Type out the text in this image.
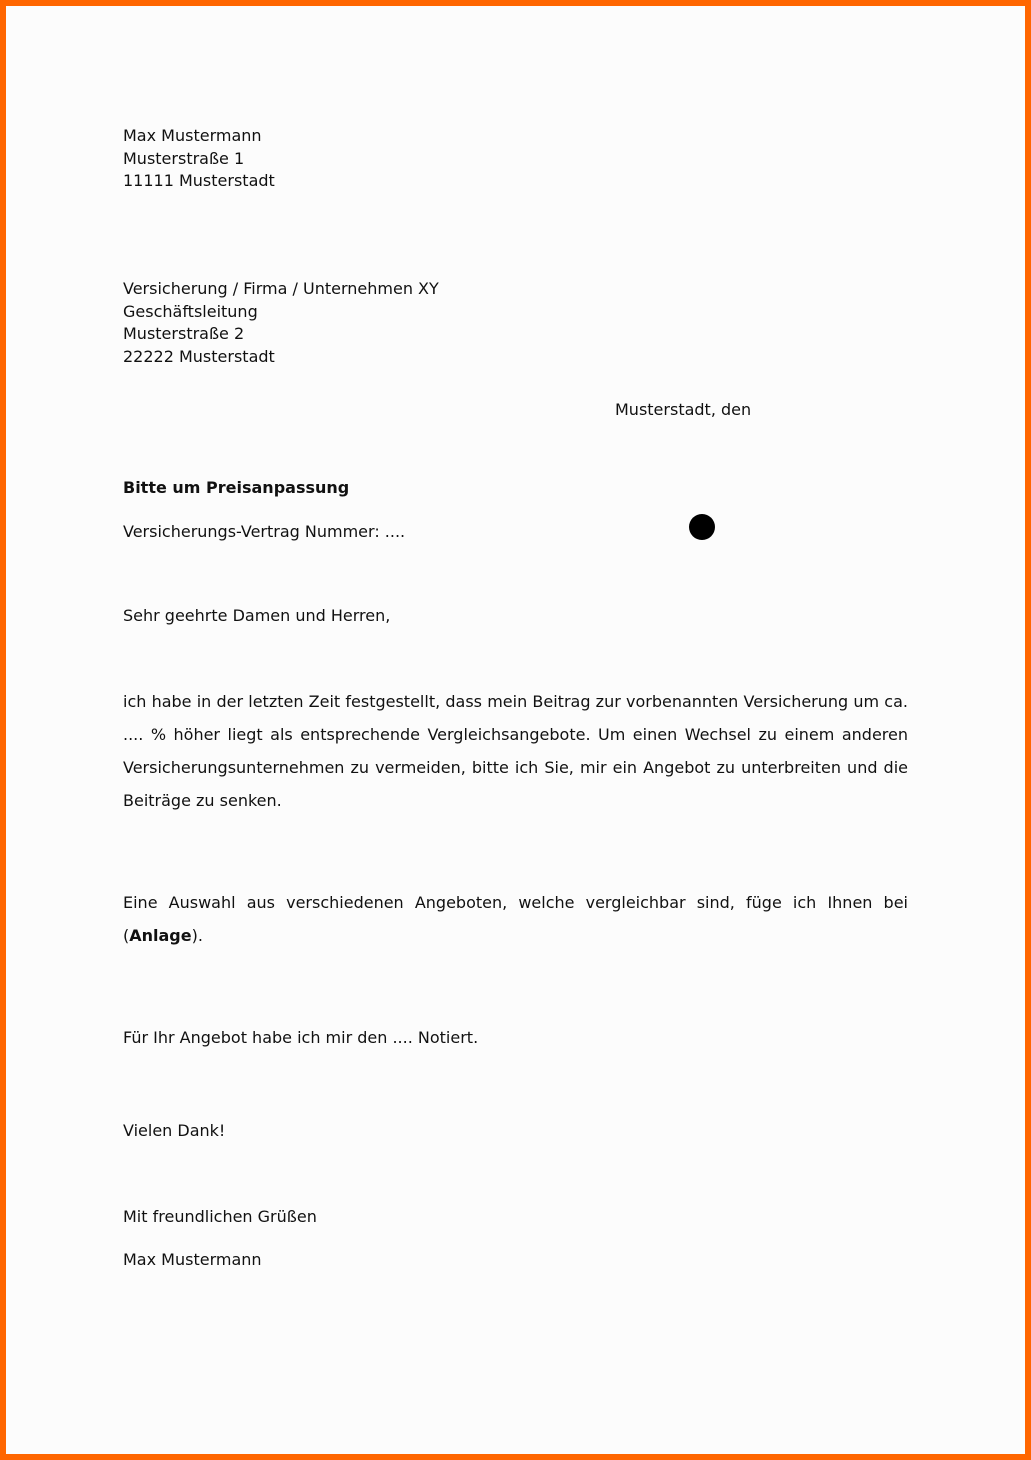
Max Mustermann
Musterstraße 1
11111 Musterstadt
Versicherung / Firma / Unternehmen XY
Geschäftsleitung
Musterstraße 2
22222 Musterstadt
Musterstadt, den
Bitte um Preisanpassung
Versicherungs-Vertrag Nummer: ....
Sehr geehrte Damen und Herren,
ich habe in der letzten Zeit festgestellt, dass mein Beitrag zur vorbenannten Versicherung um ca. .... % höher liegt als entsprechende Vergleichsangebote. Um einen Wechsel zu einem anderen Versicherungsunternehmen zu vermeiden, bitte ich Sie, mir ein Angebot zu unterbreiten und die Beiträge zu senken.
Eine Auswahl aus verschiedenen Angeboten, welche vergleichbar sind, füge ich Ihnen bei (Anlage).
Für Ihr Angebot habe ich mir den .... Notiert.
Vielen Dank!
Mit freundlichen Grüßen
Max Mustermann
